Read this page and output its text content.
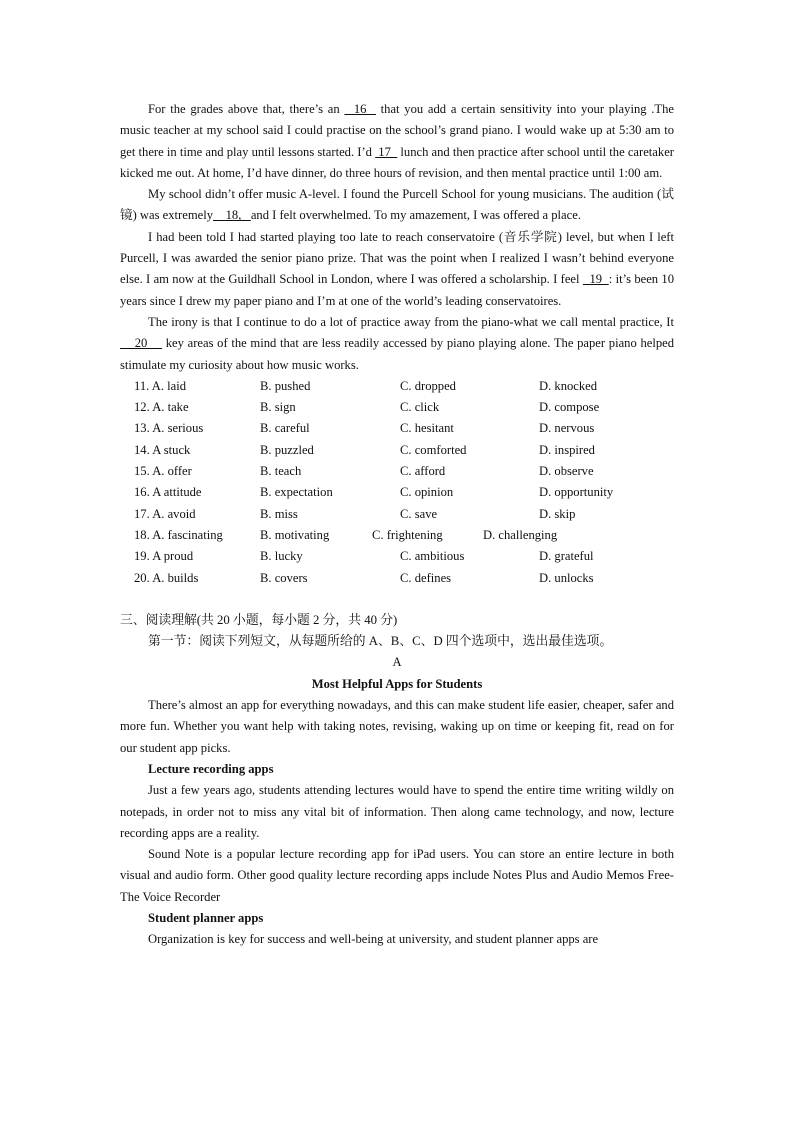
For the grades above that, there’s an   16   that you add a certain sensitivity into your playing .The music teacher at my school said I could practise on the school’s grand piano. I would wake up at 5:30 am to get there in time and play until lessons started. I’d  17   lunch and then practice after school until the caretaker kicked me out. At home, I’d have dinner, do three hours of revision, and then mental practice until 1:00 am.

My school didn’t offer music A-level. I found the Purcell School for young musicians. The audition (试镜) was extremely    18,   and I felt overwhelmed. To my amazement, I was offered a place.

I had been told I had started playing too late to reach conservatoire (音乐学院) level, but when I left Purcell, I was awarded the senior piano prize. That was the point when I realized I wasn’t behind everyone else. I am now at the Guildhall School in London, where I was offered a scholarship. I feel   19  : it’s been 10 years since I drew my paper piano and I’m at one of the world’s leading conservatoires.

The irony is that I continue to do a lot of practice away from the piano-what we call mental practice, It    20     key areas of the mind that are less readily accessed by piano playing alone. The paper piano helped stimulate my curiosity about how music works.

11. A. laid	B. pushed	C. dropped	D. knocked
12. A. take	B. sign	C. click	D. compose
13. A. serious	B. careful	C. hesitant	D. nervous
14. A stuck	B. puzzled	C. comforted	D. inspired
15. A. offer	B. teach	C. afford	D. observe
16. A attitude	B. expectation	C. opinion	D. opportunity
17. A. avoid	B. miss	C. save	D. skip
18. A. fascinating	B. motivating	C. frightening	D. challenging
19. A proud	B. lucky	C. ambitious	D. grateful
20. A. builds	B. covers	C. defines	D. unlocks
三、阅读理解(共 20 小题，每小题 2 分，共 40 分)
第一节：阅读下列短文，从每题所给的 A、B、C、D 四个选项中，选出最佳选项。
A
Most Helpful Apps for Students

There’s almost an app for everything nowadays, and this can make student life easier, cheaper, safer and more fun. Whether you want help with taking notes, revising, waking up on time or keeping fit, read on for our student app picks.

Lecture recording apps

Just a few years ago, students attending lectures would have to spend the entire time writing wildly on notepads, in order not to miss any vital bit of information. Then along came technology, and now, lecture recording apps are a reality.

Sound Note is a popular lecture recording app for iPad users. You can store an entire lecture in both visual and audio form. Other good quality lecture recording apps include Notes Plus and Audio Memos Free-The Voice Recorder

Student planner apps

Organization is key for success and well-being at university, and student planner apps are
